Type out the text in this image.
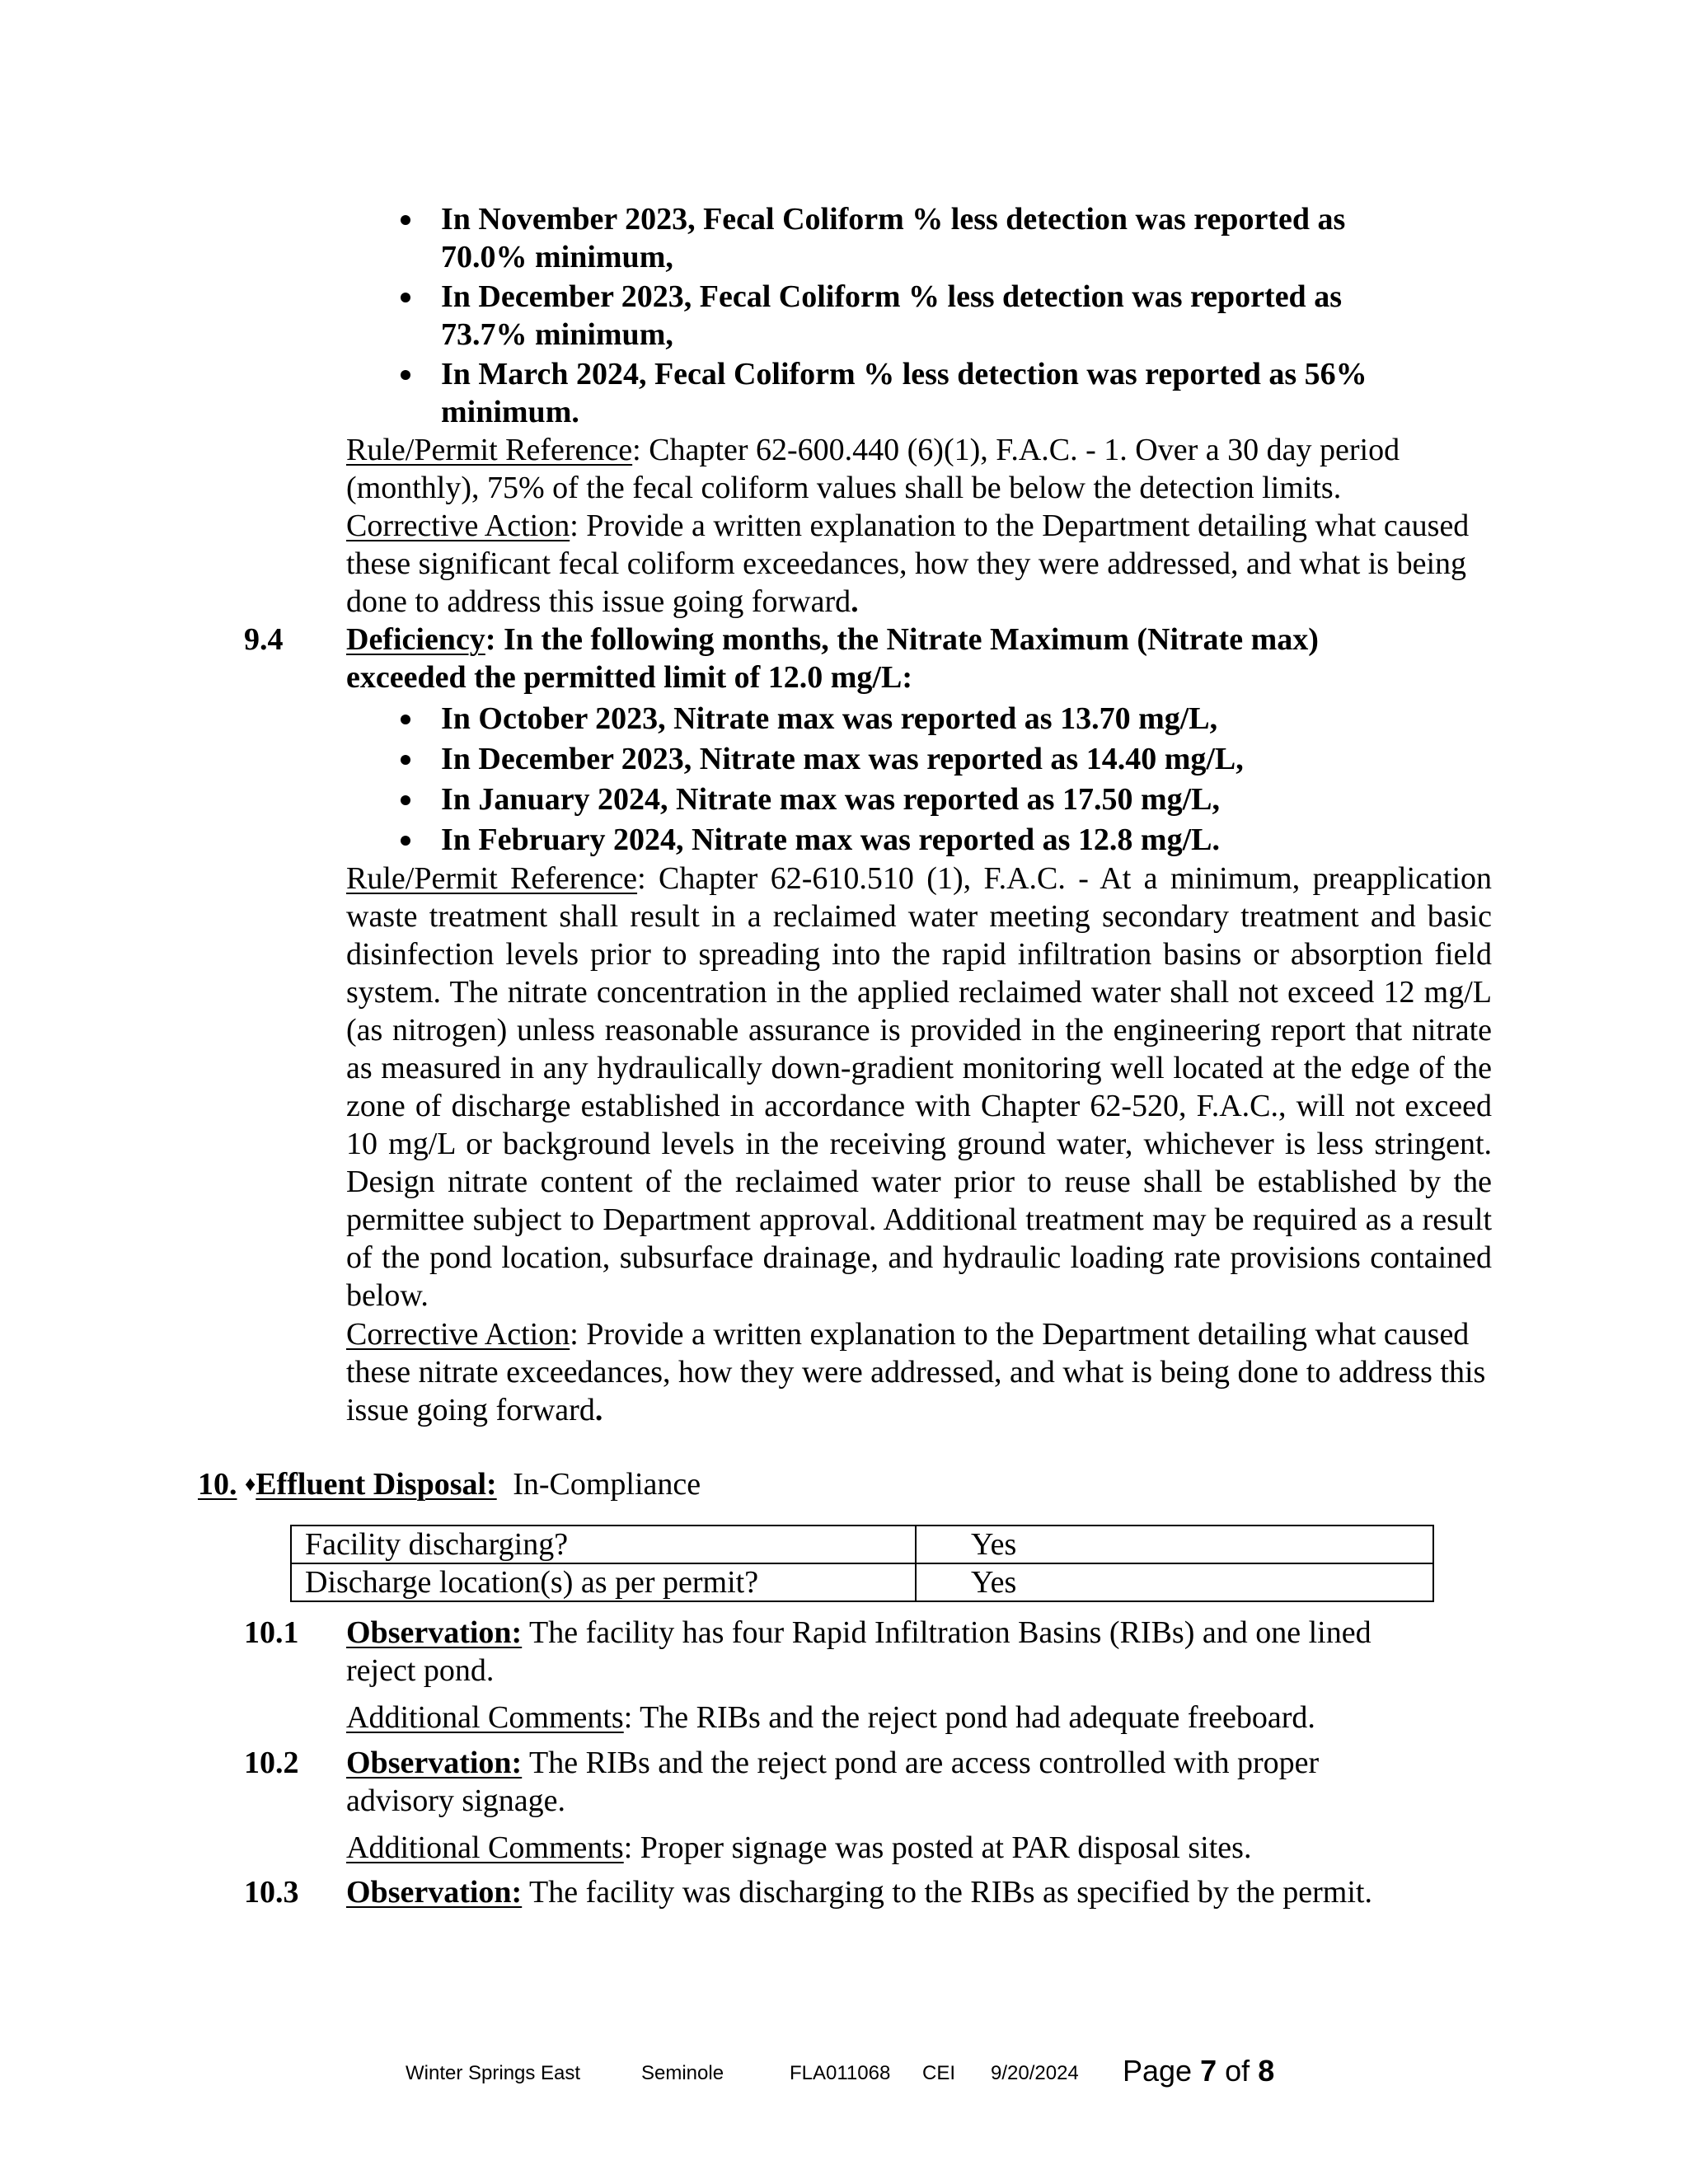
In November 2023, Fecal Coliform % less detection was reported as
70.0% minimum,
In December 2023, Fecal Coliform % less detection was reported as
73.7% minimum,
In March 2024, Fecal Coliform % less detection was reported as 56%
minimum.
Rule/Permit Reference: Chapter 62-600.440 (6)(1), F.A.C. - 1. Over a 30 day period (monthly), 75% of the fecal coliform values shall be below the detection limits.
Corrective Action: Provide a written explanation to the Department detailing what caused these significant fecal coliform exceedances, how they were addressed, and what is being done to address this issue going forward.
9.4 Deficiency: In the following months, the Nitrate Maximum (Nitrate max)
exceeded the permitted limit of 12.0 mg/L:
In October 2023, Nitrate max was reported as 13.70 mg/L,
In December 2023, Nitrate max was reported as 14.40 mg/L,
In January 2024, Nitrate max was reported as 17.50 mg/L,
In February 2024, Nitrate max was reported as 12.8 mg/L.
Rule/Permit Reference: Chapter 62-610.510 (1), F.A.C. - At a minimum, preapplication waste treatment shall result in a reclaimed water meeting secondary treatment and basic disinfection levels prior to spreading into the rapid infiltration basins or absorption field system. The nitrate concentration in the applied reclaimed water shall not exceed 12 mg/L (as nitrogen) unless reasonable assurance is provided in the engineering report that nitrate as measured in any hydraulically down-gradient monitoring well located at the edge of the zone of discharge established in accordance with Chapter 62-520, F.A.C., will not exceed 10 mg/L or background levels in the receiving ground water, whichever is less stringent. Design nitrate content of the reclaimed water prior to reuse shall be established by the permittee subject to Department approval. Additional treatment may be required as a result of the pond location, subsurface drainage, and hydraulic loading rate provisions contained below.
Corrective Action: Provide a written explanation to the Department detailing what caused these nitrate exceedances, how they were addressed, and what is being done to address this issue going forward.
10. ♦Effluent Disposal: In-Compliance
Facility discharging?	Yes
Discharge location(s) as per permit?	Yes
10.1 Observation: The facility has four Rapid Infiltration Basins (RIBs) and one lined
reject pond.
Additional Comments: The RIBs and the reject pond had adequate freeboard.
10.2 Observation: The RIBs and the reject pond are access controlled with proper
advisory signage.
Additional Comments: Proper signage was posted at PAR disposal sites.
10.3 Observation: The facility was discharging to the RIBs as specified by the permit.
Winter Springs East	Seminole	FLA011068 CEI 9/20/2024 Page 7 of 8
